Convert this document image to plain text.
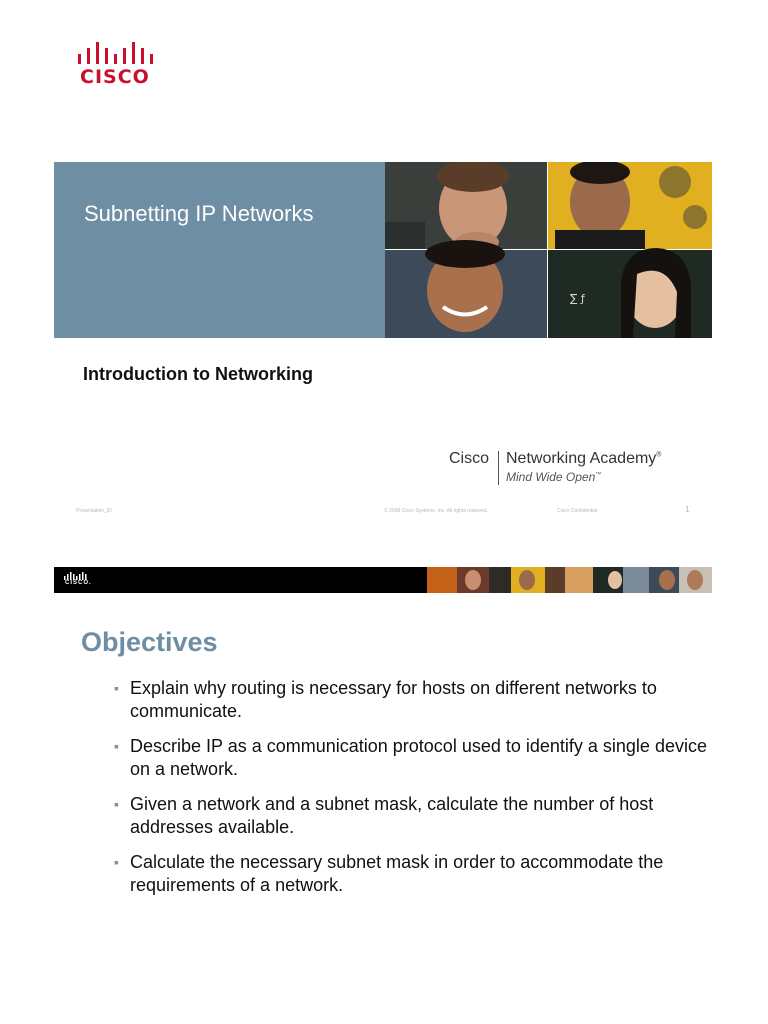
CISCO
Subnetting IP Networks
∑ ƒ
Introduction to Networking
Cisco Networking Academy®
Mind Wide Open™
Presentation_ID	© 2008 Cisco Systems, Inc. All rights reserved.	Cisco Confidential	1
CISCO.
Objectives
▪ Explain why routing is necessary for hosts on different networks to communicate.
▪ Describe IP as a communication protocol used to identify a single device on a network.
▪ Given a network and a subnet mask, calculate the number of host addresses available.
▪ Calculate the necessary subnet mask in order to accommodate the requirements of a network.
